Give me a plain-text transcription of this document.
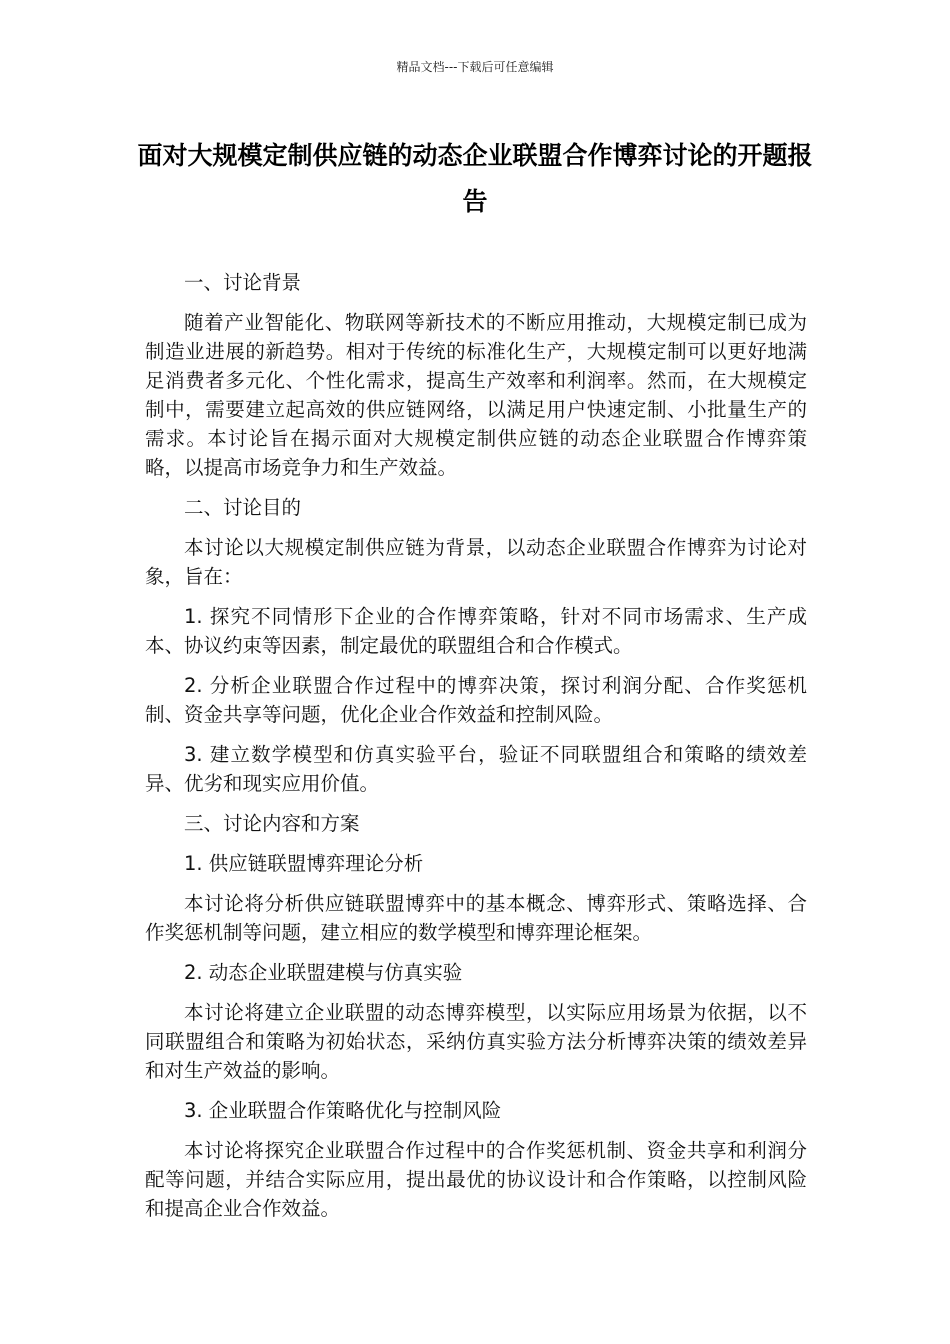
精品文档---下载后可任意编辑
面对大规模定制供应链的动态企业联盟合作博弈讨论的开题报告

一、讨论背景

随着产业智能化、物联网等新技术的不断应用推动，大规模定制已成为制造业进展的新趋势。相对于传统的标准化生产，大规模定制可以更好地满足消费者多元化、个性化需求，提高生产效率和利润率。然而，在大规模定制中，需要建立起高效的供应链网络，以满足用户快速定制、小批量生产的需求。本讨论旨在揭示面对大规模定制供应链的动态企业联盟合作博弈策略，以提高市场竞争力和生产效益。

二、讨论目的

本讨论以大规模定制供应链为背景，以动态企业联盟合作博弈为讨论对象，旨在：

1. 探究不同情形下企业的合作博弈策略，针对不同市场需求、生产成本、协议约束等因素，制定最优的联盟组合和合作模式。

2. 分析企业联盟合作过程中的博弈决策，探讨利润分配、合作奖惩机制、资金共享等问题，优化企业合作效益和控制风险。

3. 建立数学模型和仿真实验平台，验证不同联盟组合和策略的绩效差异、优劣和现实应用价值。

三、讨论内容和方案

1. 供应链联盟博弈理论分析

本讨论将分析供应链联盟博弈中的基本概念、博弈形式、策略选择、合作奖惩机制等问题，建立相应的数学模型和博弈理论框架。

2. 动态企业联盟建模与仿真实验

本讨论将建立企业联盟的动态博弈模型，以实际应用场景为依据，以不同联盟组合和策略为初始状态，采纳仿真实验方法分析博弈决策的绩效差异和对生产效益的影响。

3. 企业联盟合作策略优化与控制风险

本讨论将探究企业联盟合作过程中的合作奖惩机制、资金共享和利润分配等问题，并结合实际应用，提出最优的协议设计和合作策略，以控制风险和提高企业合作效益。
